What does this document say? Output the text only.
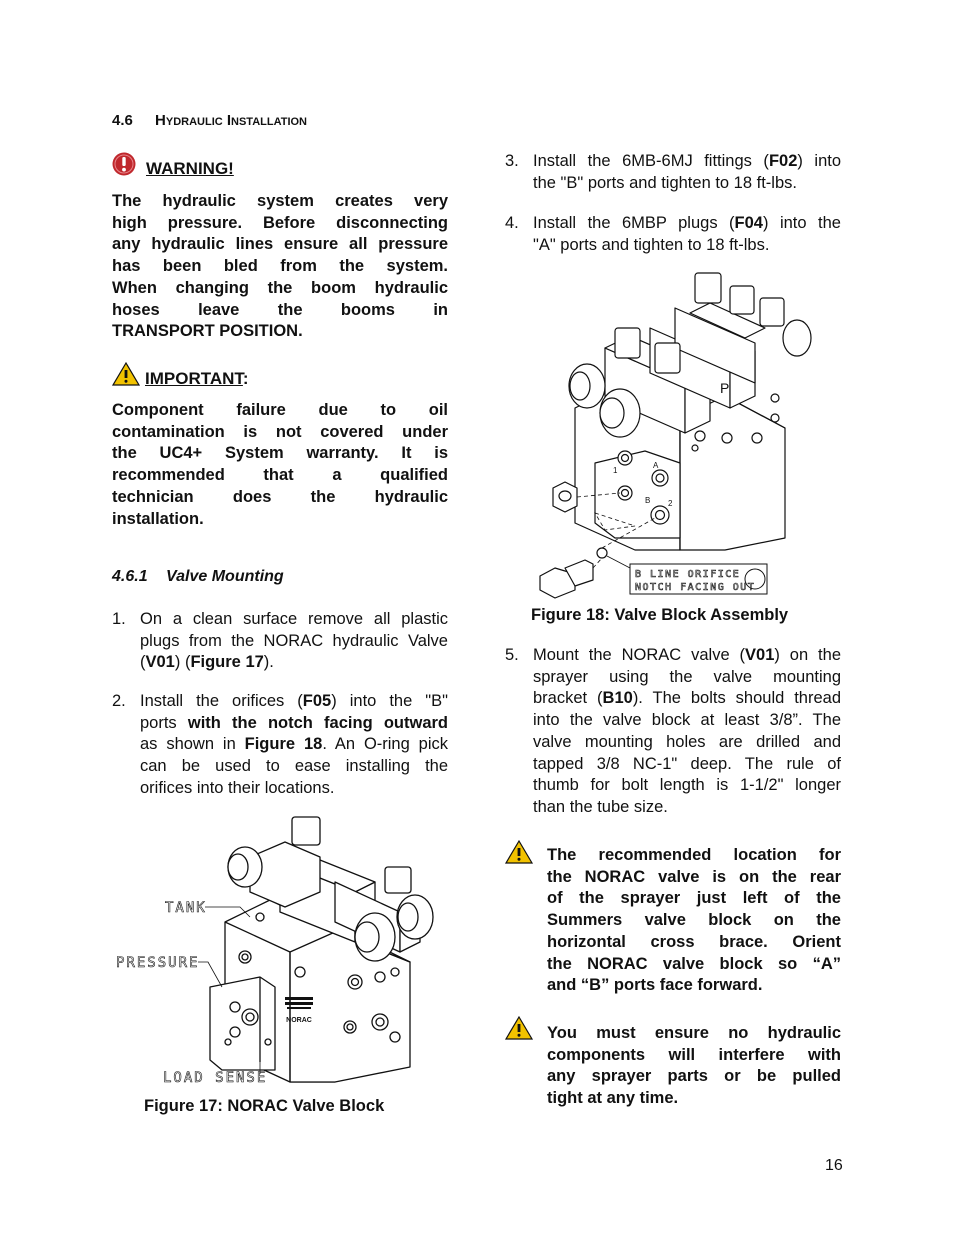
4.6 Hydraulic Installation
WARNING!
The hydraulic system creates very
high pressure. Before disconnecting
any hydraulic lines ensure all pressure
has been bled from the system.
When changing the boom hydraulic
hoses leave the booms in
TRANSPORT POSITION.
IMPORTANT:
Component failure due to oil
contamination is not covered under
the UC4+ System warranty. It is
recommended that a qualified
technician does the hydraulic
installation.
4.6.1 Valve Mounting
1. On a clean surface remove all plastic
plugs from the NORAC hydraulic Valve
(V01) (Figure 17).
2. Install the orifices (F05) into the "B"
ports with the notch facing outward
as shown in Figure 18. An O-ring pick
can be used to ease installing the
orifices into their locations.
NORAC
TANK
PRESSURE
LOAD SENSE
Figure 17: NORAC Valve Block
3. Install the 6MB-6MJ fittings (F02) into
the "B" ports and tighten to 18 ft-lbs.
4. Install the 6MBP plugs (F04) into the
"A" ports and tighten to 18 ft-lbs.
1
A
B 2
P
B LINE ORIFICE
NOTCH FACING OUT
Figure 18: Valve Block Assembly
5. Mount the NORAC valve (V01) on the
sprayer using the valve mounting
bracket (B10). The bolts should thread
into the valve block at least 3/8”. The
valve mounting holes are drilled and
tapped 3/8 NC-1" deep. The rule of
thumb for bolt length is 1-1/2" longer
than the tube size.
The recommended location for
the NORAC valve is on the rear
of the sprayer just left of the
Summers valve block on the
horizontal cross brace. Orient
the NORAC valve block so “A”
and “B” ports face forward.
You must ensure no hydraulic
components will interfere with
any sprayer parts or be pulled
tight at any time.
16
